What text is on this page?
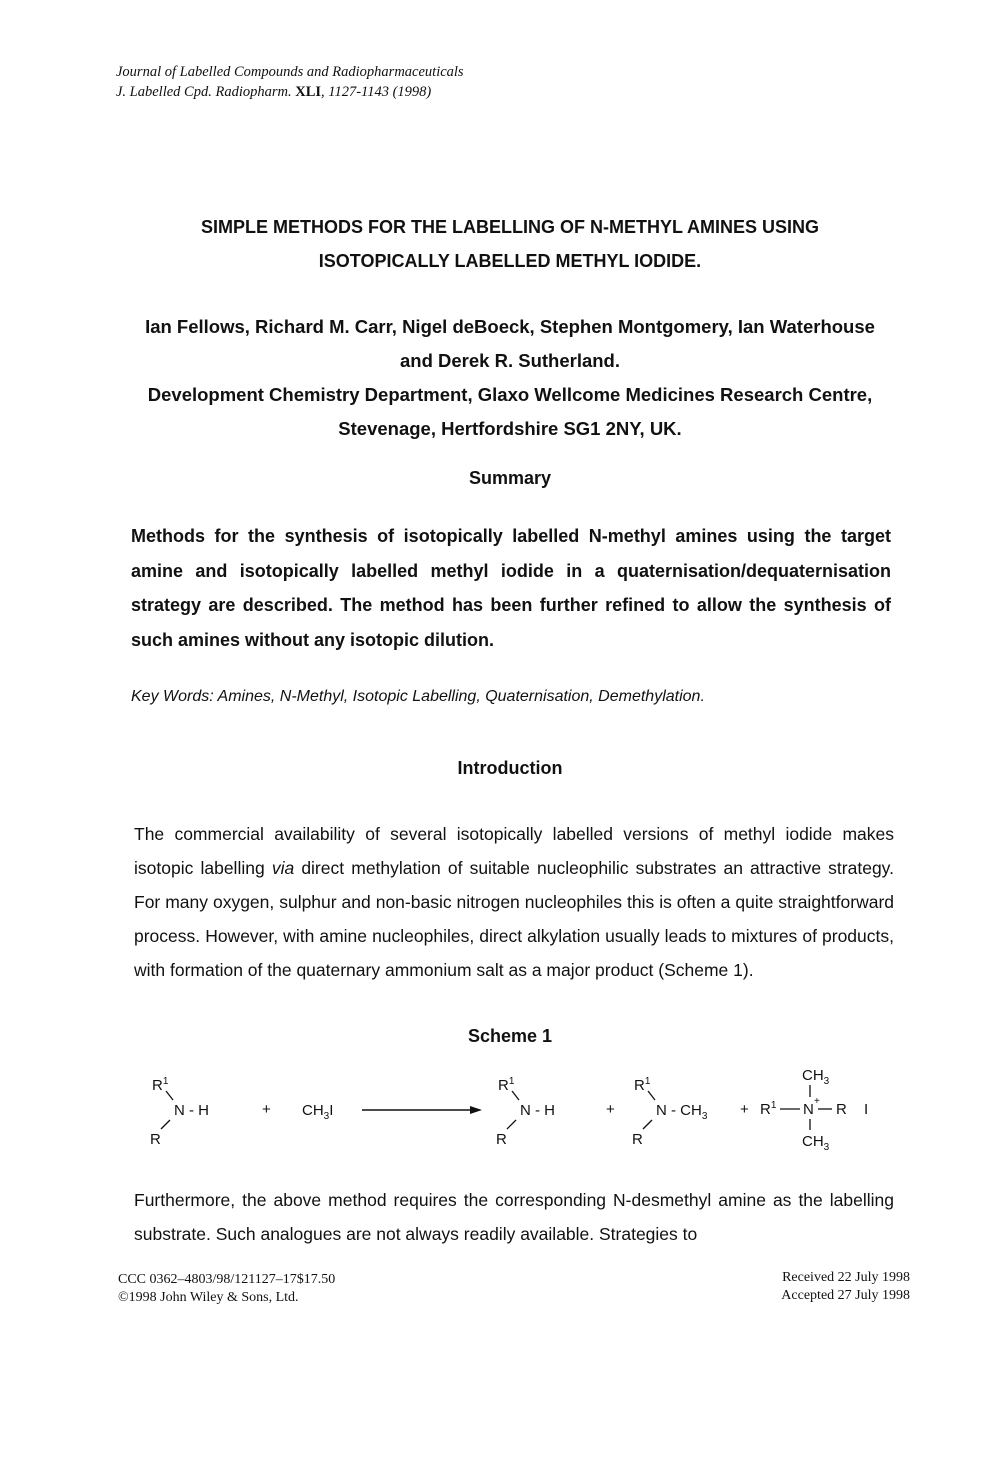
Journal of Labelled Compounds and Radiopharmaceuticals
J. Labelled Cpd. Radiopharm. XLI, 1127-1143 (1998)
SIMPLE METHODS FOR THE LABELLING OF N-METHYL AMINES USING
ISOTOPICALLY LABELLED METHYL IODIDE.
Ian Fellows, Richard M. Carr, Nigel deBoeck, Stephen Montgomery, Ian Waterhouse
and Derek R. Sutherland.
Development Chemistry Department, Glaxo Wellcome Medicines Research Centre,
Stevenage, Hertfordshire SG1 2NY, UK.
Summary
Methods for the synthesis of isotopically labelled N-methyl amines using the target amine and isotopically labelled methyl iodide in a quaternisation/dequaternisation strategy are described. The method has been further refined to allow the synthesis of such amines without any isotopic dilution.
Key Words: Amines, N-Methyl, Isotopic Labelling, Quaternisation, Demethylation.
Introduction
The commercial availability of several isotopically labelled versions of methyl iodide makes isotopic labelling via direct methylation of suitable nucleophilic substrates an attractive strategy. For many oxygen, sulphur and non-basic nitrogen nucleophiles this is often a quite straightforward process. However, with amine nucleophiles, direct alkylation usually leads to mixtures of products, with formation of the quaternary ammonium salt as a major product (Scheme 1).
Scheme 1
$R^1$
N - H
R
+ $CH_3I$
$R^1$
N - H
R
+
$R^1$
N - $CH_3$
R
+
$CH_3$
$R^1$ N + R
$CH_3$
I
Furthermore, the above method requires the corresponding N-desmethyl amine as the labelling substrate. Such analogues are not always readily available. Strategies to
CCC 0362–4803/98/121127–17$17.50
©1998 John Wiley & Sons, Ltd.
Received 22 July 1998
Accepted 27 July 1998
